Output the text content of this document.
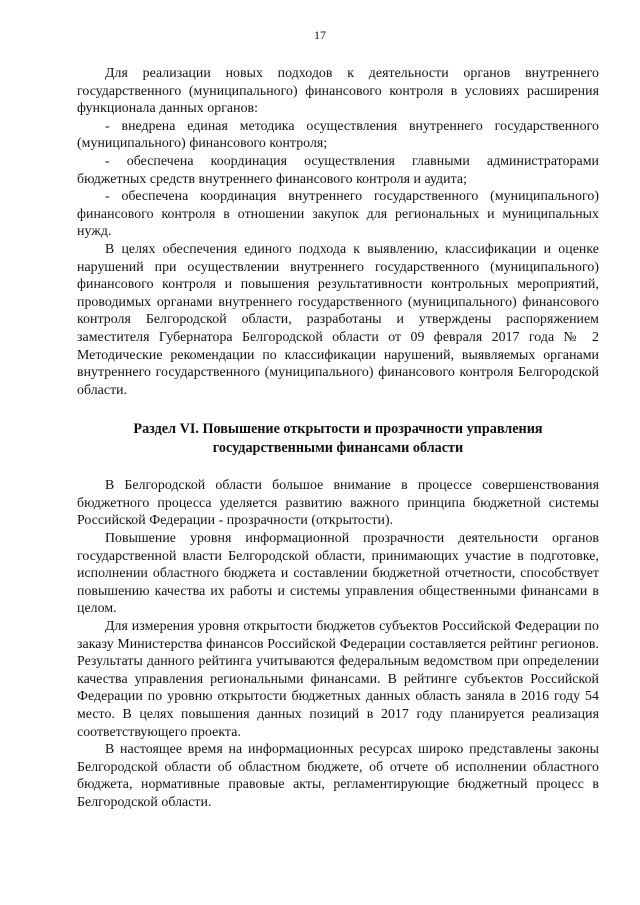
17

Для реализации новых подходов к деятельности органов внутреннего государственного (муниципального) финансового контроля в условиях расширения функционала данных органов:

- внедрена единая методика осуществления внутреннего государственного (муниципального) финансового контроля;

- обеспечена координация осуществления главными администраторами бюджетных средств внутреннего финансового контроля и аудита;

- обеспечена координация внутреннего государственного (муниципального) финансового контроля в отношении закупок для региональных и муниципальных нужд.

В целях обеспечения единого подхода к выявлению, классификации и оценке нарушений при осуществлении внутреннего государственного (муниципального) финансового контроля и повышения результативности контрольных мероприятий, проводимых органами внутреннего государственного (муниципального) финансового контроля Белгородской области, разработаны и утверждены распоряжением заместителя Губернатора Белгородской области от 09 февраля 2017 года № 2 Методические рекомендации по классификации нарушений, выявляемых органами внутреннего государственного (муниципального) финансового контроля Белгородской области.

Раздел VI. Повышение открытости и прозрачности управления государственными финансами области

В Белгородской области большое внимание в процессе совершенствования бюджетного процесса уделяется развитию важного принципа бюджетной системы Российской Федерации - прозрачности (открытости).

Повышение уровня информационной прозрачности деятельности органов государственной власти Белгородской области, принимающих участие в подготовке, исполнении областного бюджета и составлении бюджетной отчетности, способствует повышению качества их работы и системы управления общественными финансами в целом.

Для измерения уровня открытости бюджетов субъектов Российской Федерации по заказу Министерства финансов Российской Федерации составляется рейтинг регионов. Результаты данного рейтинга учитываются федеральным ведомством при определении качества управления региональными финансами. В рейтинге субъектов Российской Федерации по уровню открытости бюджетных данных область заняла в 2016 году 54 место. В целях повышения данных позиций в 2017 году планируется реализация соответствующего проекта.

В настоящее время на информационных ресурсах широко представлены законы Белгородской области об областном бюджете, об отчете об исполнении областного бюджета, нормативные правовые акты, регламентирующие бюджетный процесс в Белгородской области.
